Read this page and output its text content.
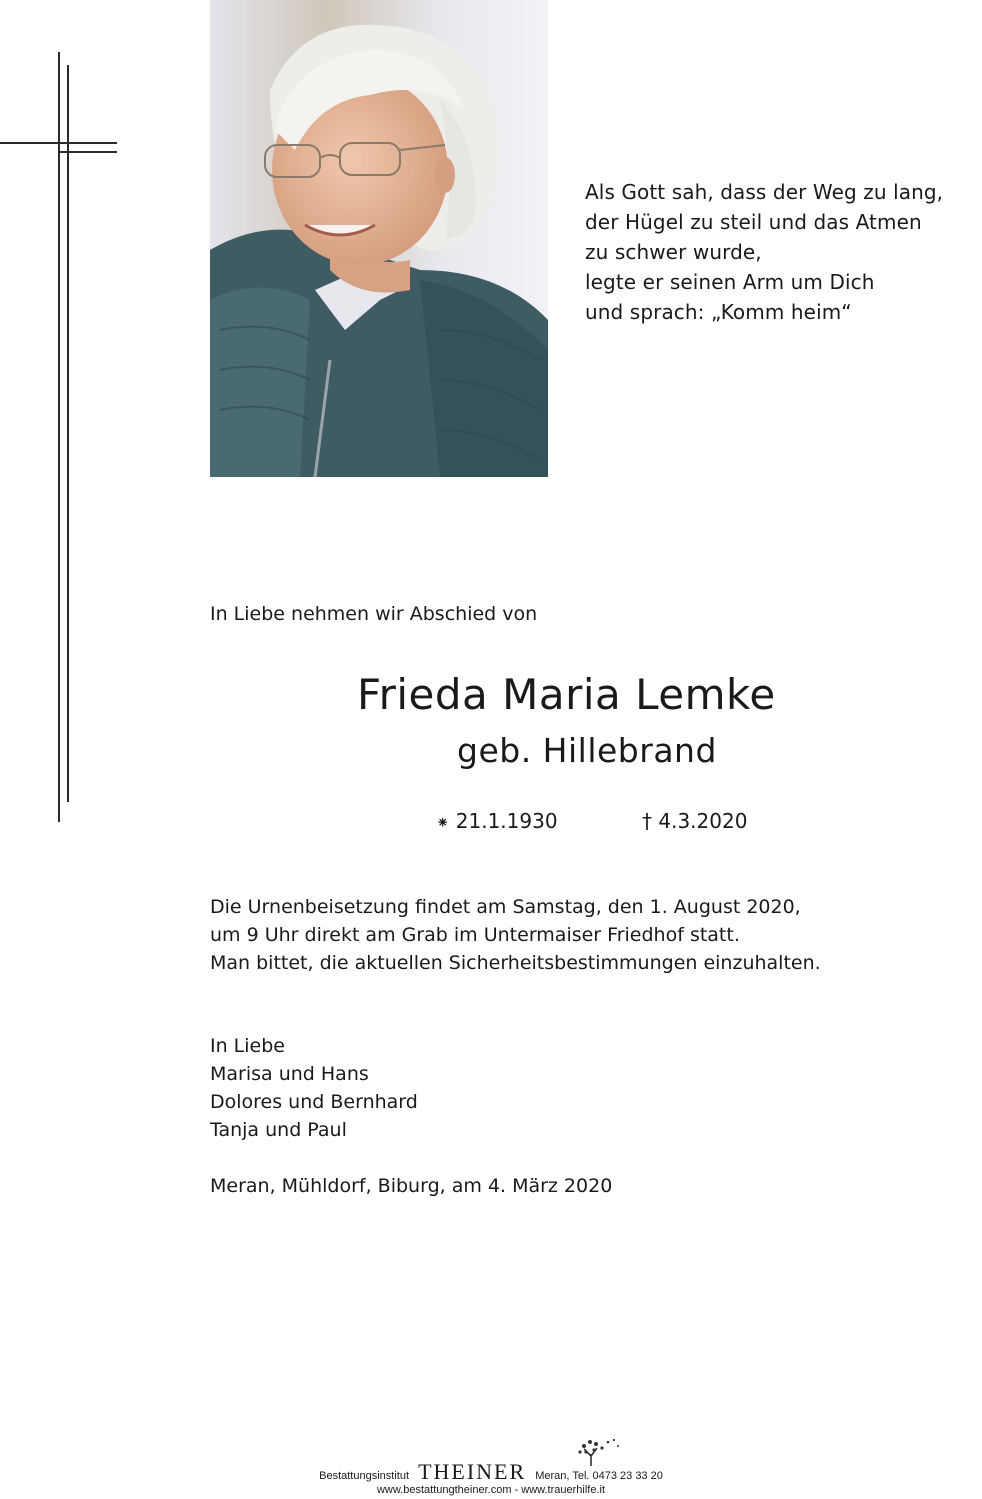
Als Gott sah, dass der Weg zu lang,
der Hügel zu steil und das Atmen
zu schwer wurde,
legte er seinen Arm um Dich
und sprach: „Komm heim“
In Liebe nehmen wir Abschied von
Frieda Maria Lemke
geb. Hillebrand
⁕ 21.1.1930	† 4.3.2020
Die Urnenbeisetzung findet am Samstag, den 1. August 2020,
um 9 Uhr direkt am Grab im Untermaiser Friedhof statt.
Man bittet, die aktuellen Sicherheitsbestimmungen einzuhalten.
In Liebe
Marisa und Hans
Dolores und Bernhard
Tanja und Paul
Meran, Mühldorf, Biburg, am 4. März 2020
Bestattungsinstitut THEINER Meran, Tel. 0473 23 33 20
www.bestattungtheiner.com - www.trauerhilfe.it
